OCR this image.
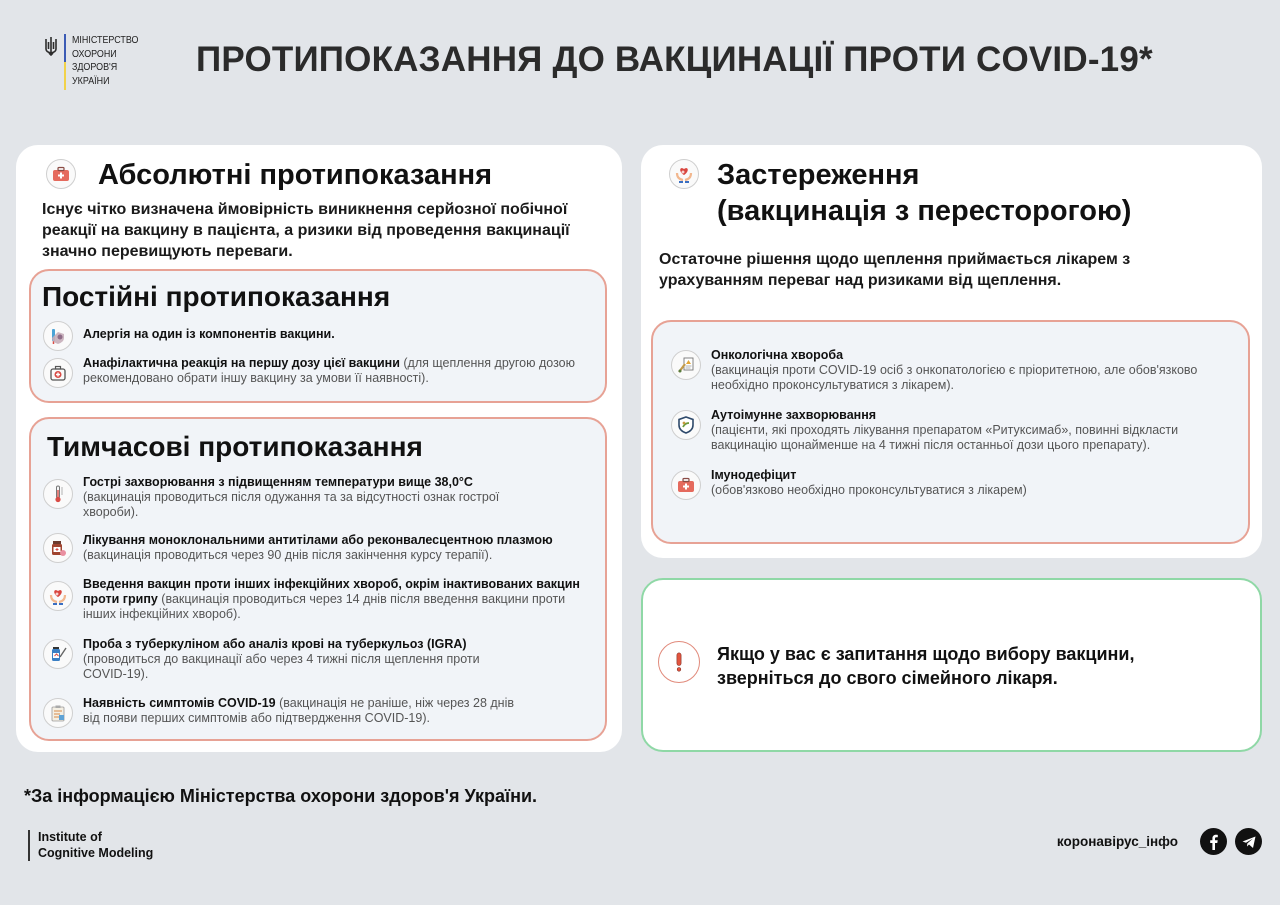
МІНІСТЕРСТВО
ОХОРОНИ
ЗДОРОВ'Я
УКРАЇНИ
ПРОТИПОКАЗАННЯ ДО ВАКЦИНАЦІЇ ПРОТИ COVID-19*
Абсолютні протипоказання

Існує чітко визначена ймовірність виникнення серйозної побічної реакції на вакцину в пацієнта, а ризики від проведення вакцинації значно перевищують переваги.

Постійні протипоказання
Алергія на один із компонентів вакцини.
Анафілактична реакція на першу дозу цієї вакцини (для щеплення другою дозою рекомендовано обрати іншу вакцину за умови її наявності).
Тимчасові протипоказання
Гострі захворювання з підвищенням температури вище 38,0°С (вакцинація проводиться після одужання та за відсутності ознак гострої хвороби).
Лікування моноклональними антитілами або реконвалесцентною плазмою (вакцинація проводиться через 90 днів після закінчення курсу терапії).
Введення вакцин проти інших інфекційних хвороб, окрім інактивованих вакцин проти грипу (вакцинація проводиться через 14 днів після введення вакцини проти інших інфекційних хвороб).
Проба з туберкуліном або аналіз крові на туберкульоз (IGRA) (проводиться до вакцинації або через 4 тижні після щеплення проти COVID-19).
Наявність симптомів COVID-19 (вакцинація не раніше, ніж через 28 днів від появи перших симптомів або підтвердження COVID-19).
Застереження
(вакцинація з пересторогою)

Остаточне рішення щодо щеплення приймається лікарем з урахуванням переваг над ризиками від щеплення.

Онкологічна хвороба
(вакцинація проти COVID-19 осіб з онкопатологією є пріоритетною, але обов'язково необхідно проконсультуватися з лікарем).
Аутоімунне захворювання
(пацієнти, які проходять лікування препаратом «Ритуксимаб», повинні відкласти вакцинацію щонайменше на 4 тижні після останньої дози цього препарату).
Імунодефіцит
(обов'язково необхідно проконсультуватися з лікарем)

Якщо у вас є запитання щодо вибору вакцини, зверніться до свого сімейного лікаря.

*За інформацією Міністерства охорони здоров'я України.

Institute of
Cognitive Modeling
коронавірус_інфо
